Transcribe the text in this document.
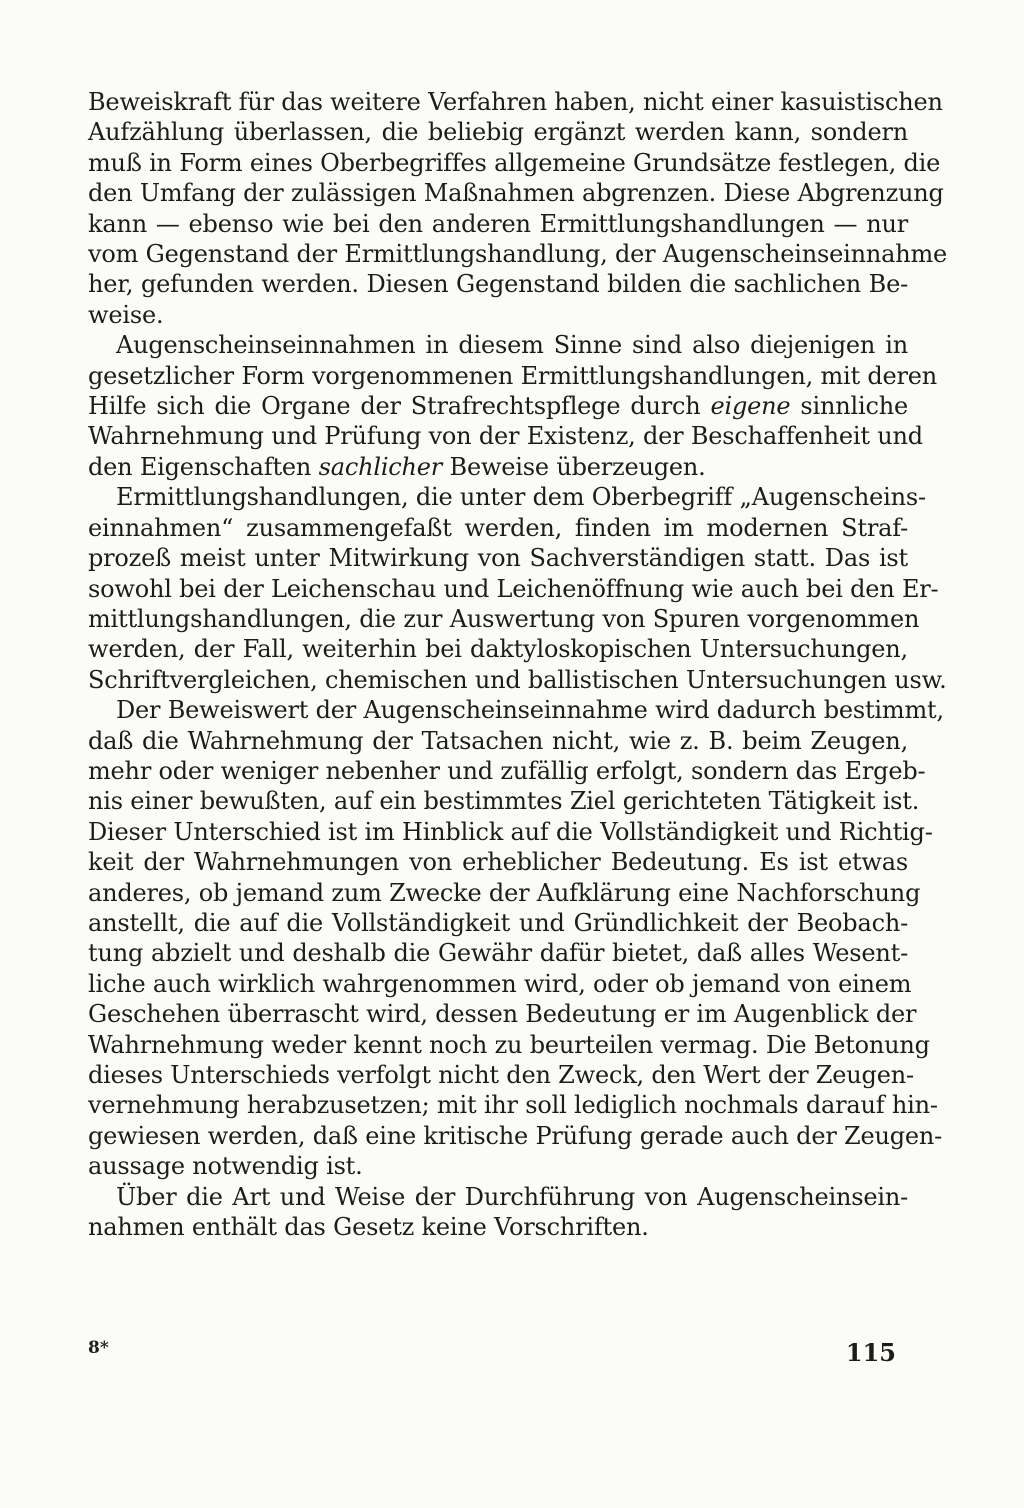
Beweiskraft für das weitere Verfahren haben, nicht einer kasuistischen
Aufzählung überlassen, die beliebig ergänzt werden kann, sondern
muß in Form eines Oberbegriffes allgemeine Grundsätze festlegen, die
den Umfang der zulässigen Maßnahmen abgrenzen. Diese Abgrenzung
kann — ebenso wie bei den anderen Ermittlungshandlungen — nur
vom Gegenstand der Ermittlungshandlung, der Augenscheinseinnahme
her, gefunden werden. Diesen Gegenstand bilden die sachlichen Be-
weise.
Augenscheinseinnahmen in diesem Sinne sind also diejenigen in
gesetzlicher Form vorgenommenen Ermittlungshandlungen, mit deren
Hilfe sich die Organe der Strafrechtspflege durch eigene sinnliche
Wahrnehmung und Prüfung von der Existenz, der Beschaffenheit und
den Eigenschaften sachlicher Beweise überzeugen.
Ermittlungshandlungen, die unter dem Oberbegriff „Augenscheins-
einnahmen“ zusammengefaßt werden, finden im modernen Straf-
prozeß meist unter Mitwirkung von Sachverständigen statt. Das ist
sowohl bei der Leichenschau und Leichenöffnung wie auch bei den Er-
mittlungshandlungen, die zur Auswertung von Spuren vorgenommen
werden, der Fall, weiterhin bei daktyloskopischen Untersuchungen,
Schriftvergleichen, chemischen und ballistischen Untersuchungen usw.
Der Beweiswert der Augenscheinseinnahme wird dadurch bestimmt,
daß die Wahrnehmung der Tatsachen nicht, wie z. B. beim Zeugen,
mehr oder weniger nebenher und zufällig erfolgt, sondern das Ergeb-
nis einer bewußten, auf ein bestimmtes Ziel gerichteten Tätigkeit ist.
Dieser Unterschied ist im Hinblick auf die Vollständigkeit und Richtig-
keit der Wahrnehmungen von erheblicher Bedeutung. Es ist etwas
anderes, ob jemand zum Zwecke der Aufklärung eine Nachforschung
anstellt, die auf die Vollständigkeit und Gründlichkeit der Beobach-
tung abzielt und deshalb die Gewähr dafür bietet, daß alles Wesent-
liche auch wirklich wahrgenommen wird, oder ob jemand von einem
Geschehen überrascht wird, dessen Bedeutung er im Augenblick der
Wahrnehmung weder kennt noch zu beurteilen vermag. Die Betonung
dieses Unterschieds verfolgt nicht den Zweck, den Wert der Zeugen-
vernehmung herabzusetzen; mit ihr soll lediglich nochmals darauf hin-
gewiesen werden, daß eine kritische Prüfung gerade auch der Zeugen-
aussage notwendig ist.
Über die Art und Weise der Durchführung von Augenscheinsein-
nahmen enthält das Gesetz keine Vorschriften.
8*	115
